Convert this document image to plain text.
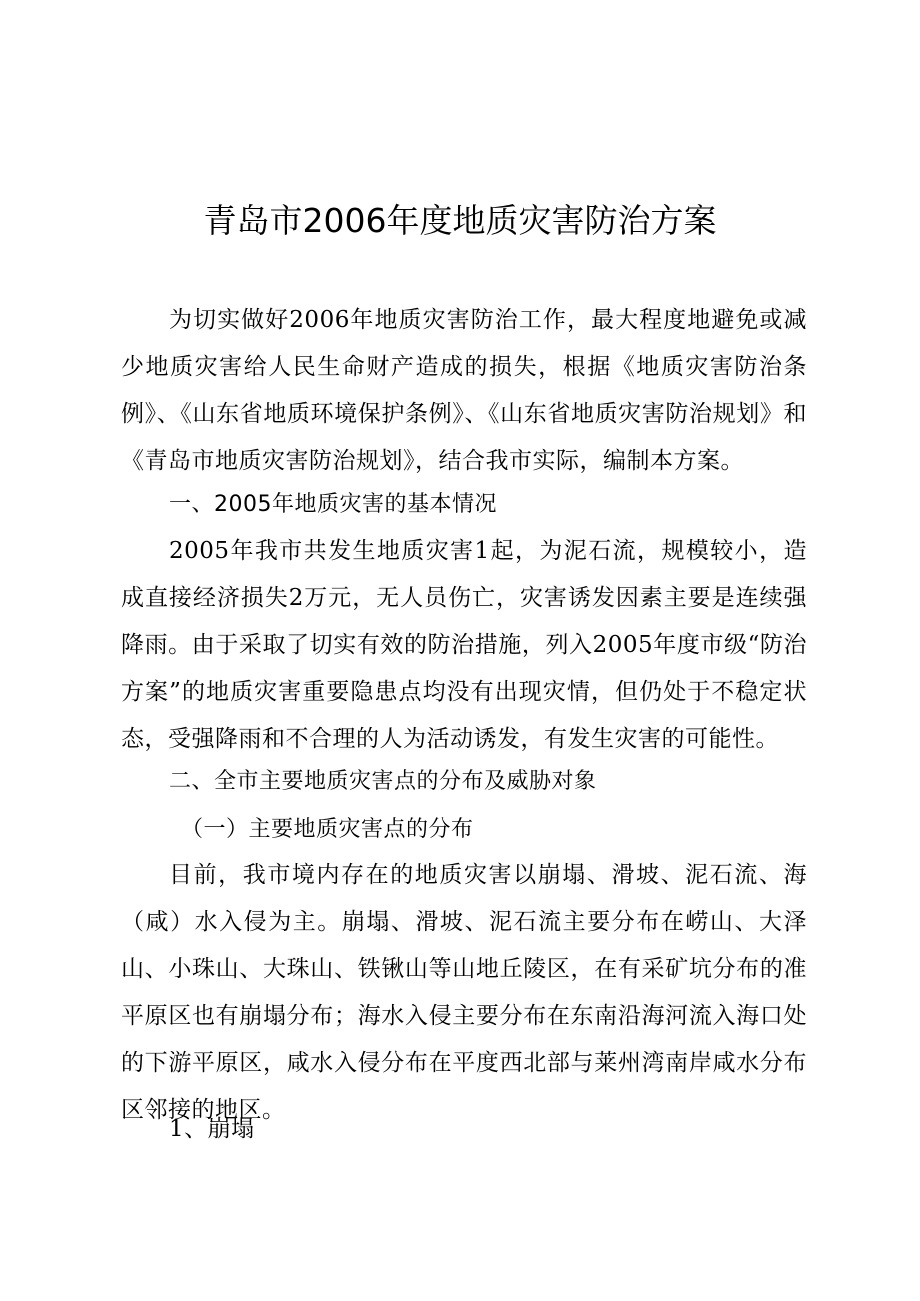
青岛市2006年度地质灾害防治方案

为切实做好2006年地质灾害防治工作，最大程度地避免或减少地质灾害给人民生命财产造成的损失，根据《地质灾害防治条例》、《山东省地质环境保护条例》、《山东省地质灾害防治规划》和《青岛市地质灾害防治规划》，结合我市实际，编制本方案。

一、2005年地质灾害的基本情况

2005年我市共发生地质灾害1起，为泥石流，规模较小，造成直接经济损失2万元，无人员伤亡，灾害诱发因素主要是连续强降雨。由于采取了切实有效的防治措施，列入2005年度市级“防治方案”的地质灾害重要隐患点均没有出现灾情，但仍处于不稳定状态，受强降雨和不合理的人为活动诱发，有发生灾害的可能性。

二、全市主要地质灾害点的分布及威胁对象
（一）主要地质灾害点的分布

目前，我市境内存在的地质灾害以崩塌、滑坡、泥石流、海（咸）水入侵为主。崩塌、滑坡、泥石流主要分布在崂山、大泽山、小珠山、大珠山、铁锹山等山地丘陵区，在有采矿坑分布的准平原区也有崩塌分布；海水入侵主要分布在东南沿海河流入海口处的下游平原区，咸水入侵分布在平度西北部与莱州湾南岸咸水分布区邻接的地区。

1、崩塌
